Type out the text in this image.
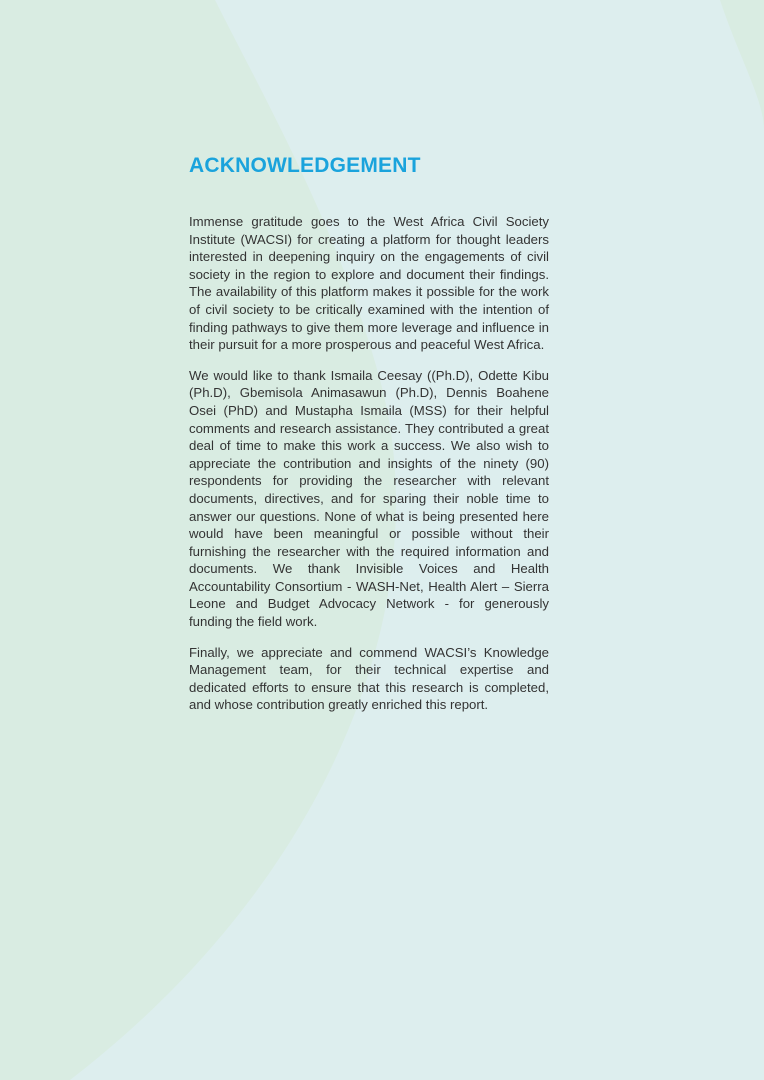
ACKNOWLEDGEMENT

Immense gratitude goes to the West Africa Civil Society Institute (WACSI) for creating a platform for thought leaders interested in deepening inquiry on the engagements of civil society in the region to explore and document their findings. The availability of this platform makes it possible for the work of civil society to be critically examined with the intention of finding pathways to give them more leverage and influence in their pursuit for a more prosperous and peaceful West Africa.

We would like to thank Ismaila Ceesay ((Ph.D), Odette Kibu (Ph.D), Gbemisola Animasawun (Ph.D), Dennis Boahene Osei (PhD) and Mustapha Ismaila (MSS) for their helpful comments and research assistance. They contributed a great deal of time to make this work a success. We also wish to appreciate the contribution and insights of the ninety (90) respondents for providing the researcher with relevant documents, directives, and for sparing their noble time to answer our questions. None of what is being presented here would have been meaningful or possible without their furnishing the researcher with the required information and documents. We thank Invisible Voices and Health Accountability Consortium - WASH-Net, Health Alert – Sierra Leone and Budget Advocacy Network - for generously funding the field work.

Finally, we appreciate and commend WACSI’s Knowledge Management team, for their technical expertise and dedicated efforts to ensure that this research is completed, and whose contribution greatly enriched this report.
